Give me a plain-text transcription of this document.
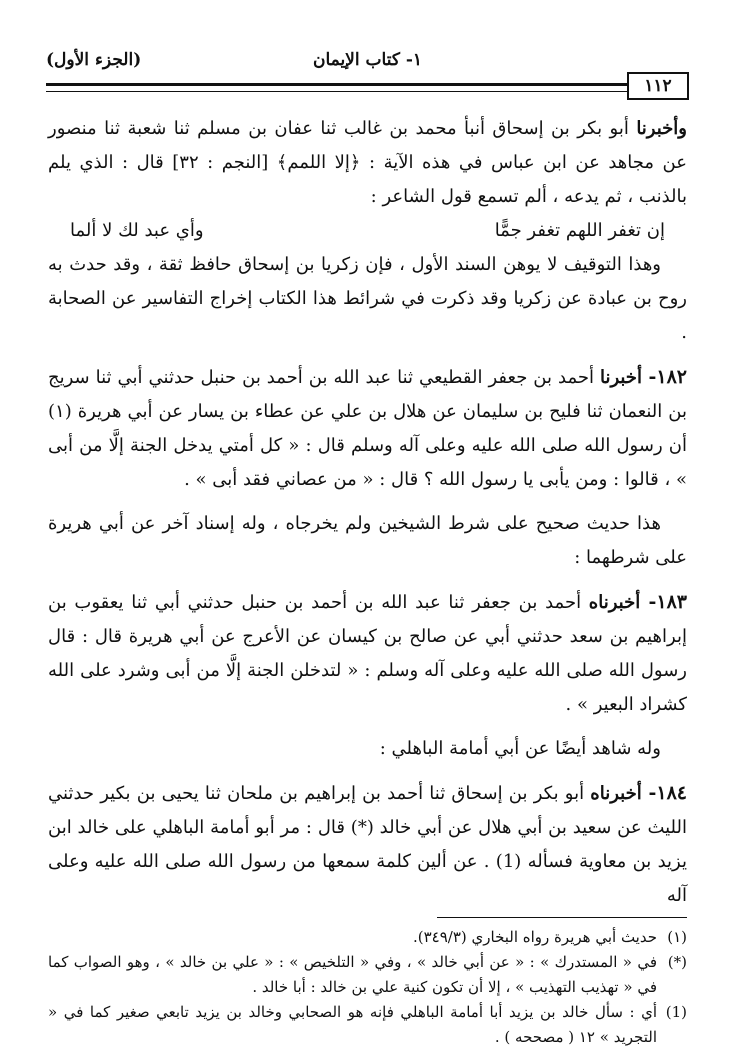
(الجزء الأول)	١- كتاب الإيمان
١١٢

وأخبرنا أبو بكر بن إسحاق أنبأ محمد بن غالب ثنا عفان بن مسلم ثنا شعبة ثنا منصور عن مجاهد عن ابن عباس في هذه الآية : ﴿إلا اللمم﴾ [النجم : ٣٢] قال : الذي يلم بالذنب ، ثم يدعه ، ألم تسمع قول الشاعر :

إن تغفر اللهم تغفر جمًّا
وأي عبد لك لا ألما

وهذا التوقيف لا يوهن السند الأول ، فإن زكريا بن إسحاق حافظ ثقة ، وقد حدث به روح بن عبادة عن زكريا وقد ذكرت في شرائط هذا الكتاب إخراج التفاسير عن الصحابة .

١٨٢- أخبرنا أحمد بن جعفر القطيعي ثنا عبد الله بن أحمد بن حنبل حدثني أبي ثنا سريج بن النعمان ثنا فليح بن سليمان عن هلال بن علي عن عطاء بن يسار عن أبي هريرة (١) أن رسول الله صلى الله عليه وعلى آله وسلم قال : « كل أمتي يدخل الجنة إلَّا من أبى » ، قالوا : ومن يأبى يا رسول الله ؟ قال : « من عصاني فقد أبى » .

هذا حديث صحيح على شرط الشيخين ولم يخرجاه ، وله إسناد آخر عن أبي هريرة على شرطهما :

١٨٣- أخبرناه أحمد بن جعفر ثنا عبد الله بن أحمد بن حنبل حدثني أبي ثنا يعقوب بن إبراهيم بن سعد حدثني أبي عن صالح بن كيسان عن الأعرج عن أبي هريرة قال : قال رسول الله صلى الله عليه وعلى آله وسلم : « لتدخلن الجنة إلَّا من أبى وشرد على الله كشراد البعير » .

وله شاهد أيضًا عن أبي أمامة الباهلي :

١٨٤- أخبرناه أبو بكر بن إسحاق ثنا أحمد بن إبراهيم بن ملحان ثنا يحيى بن بكير حدثني الليث عن سعيد بن أبي هلال عن أبي خالد (*) قال : مر أبو أمامة الباهلي على خالد ابن يزيد بن معاوية فسأله (1) . عن ألين كلمة سمعها من رسول الله صلى الله عليه وعلى آله

(١)
حديث أبي هريرة رواه البخاري (٣٤٩/٣).

(*)
في « المستدرك » : « عن أبي خالد » ، وفي « التلخيص » : « علي بن خالد » ، وهو الصواب كما في « تهذيب التهذيب » ، إلا أن تكون كنية علي بن خالد : أبا خالد .

(1)
أي : سأل خالد بن يزيد أبا أمامة الباهلي فإنه هو الصحابي وخالد بن يزيد تابعي صغير كما في « التجريد » ١٢ ( مصححه ) .
